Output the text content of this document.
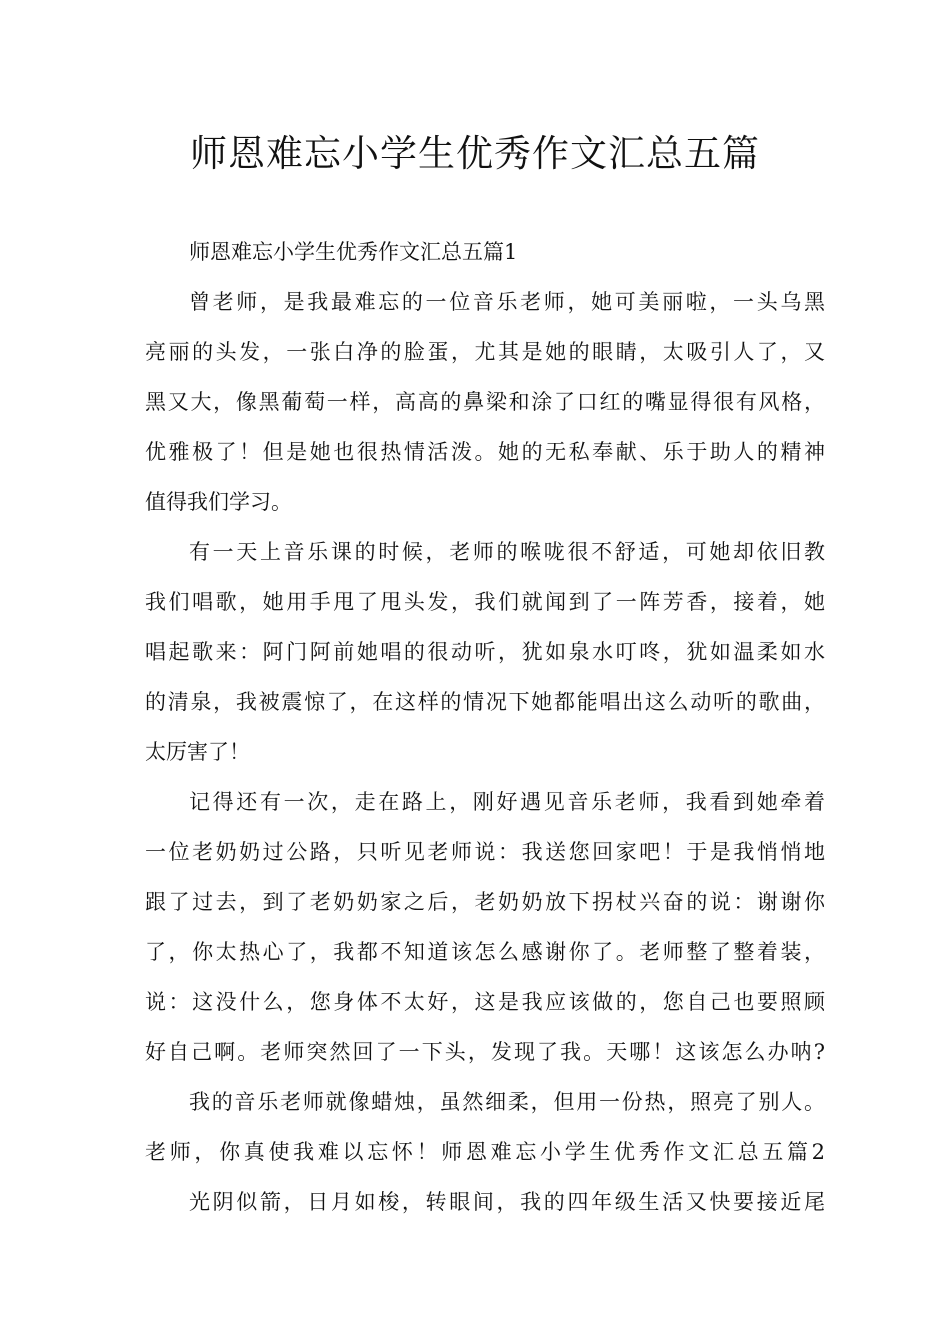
师恩难忘小学生优秀作文汇总五篇
师恩难忘小学生优秀作文汇总五篇1
曾老师，是我最难忘的一位音乐老师，她可美丽啦，一头乌黑
亮丽的头发，一张白净的脸蛋，尤其是她的眼睛，太吸引人了，又
黑又大，像黑葡萄一样，高高的鼻梁和涂了口红的嘴显得很有风格，
优雅极了！但是她也很热情活泼。她的无私奉献、乐于助人的精神
值得我们学习。
有一天上音乐课的时候，老师的喉咙很不舒适，可她却依旧教
我们唱歌，她用手甩了甩头发，我们就闻到了一阵芳香，接着，她
唱起歌来：阿门阿前她唱的很动听，犹如泉水叮咚，犹如温柔如水
的清泉，我被震惊了，在这样的情况下她都能唱出这么动听的歌曲，
太厉害了！
记得还有一次，走在路上，刚好遇见音乐老师，我看到她牵着
一位老奶奶过公路，只听见老师说：我送您回家吧！于是我悄悄地
跟了过去，到了老奶奶家之后，老奶奶放下拐杖兴奋的说：谢谢你
了，你太热心了，我都不知道该怎么感谢你了。老师整了整着装，
说：这没什么，您身体不太好，这是我应该做的，您自己也要照顾
好自己啊。老师突然回了一下头，发现了我。天哪！这该怎么办呐?
我的音乐老师就像蜡烛，虽然细柔，但用一份热，照亮了别人。
老师，你真使我难以忘怀！师恩难忘小学生优秀作文汇总五篇2
光阴似箭，日月如梭，转眼间，我的四年级生活又快要接近尾
